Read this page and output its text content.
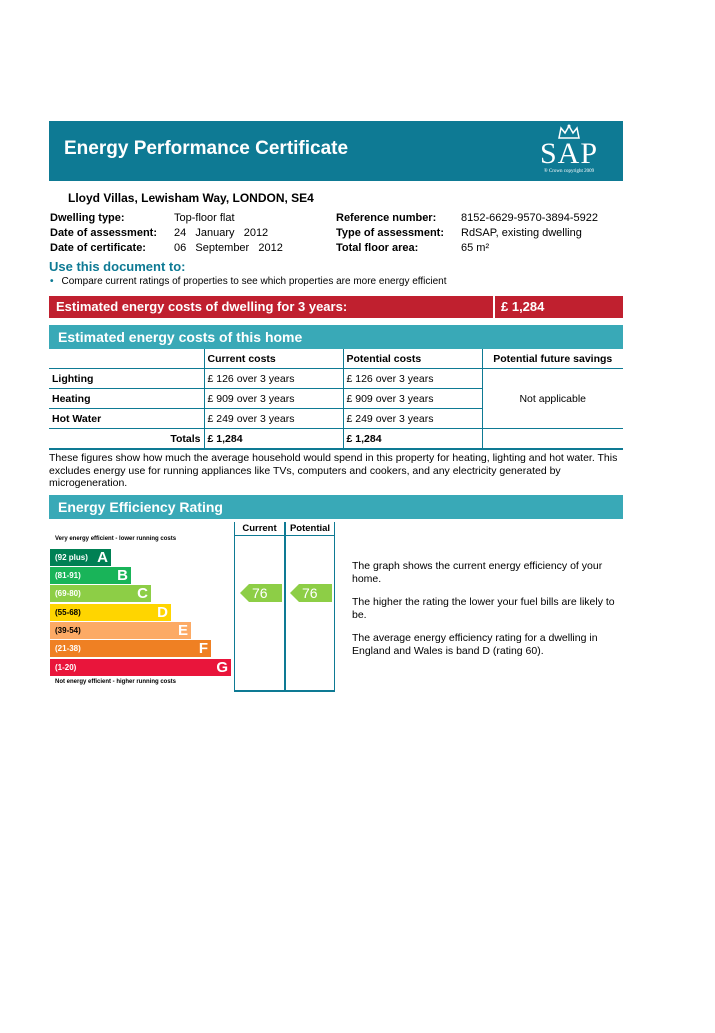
Energy Performance Certificate	SAP
® Crown copyright 2009
Lloyd Villas, Lewisham Way, LONDON, SE4
Dwelling type:	Top-floor flat
Date of assessment: 24   January   2012
Date of certificate:	06   September   2012
Reference number: 8152-6629-9570-3894-5922
Type of assessment: RdSAP, existing dwelling
Total floor area:	65 m²
Use this document to:
• Compare current ratings of properties to see which properties are more energy efficient
Estimated energy costs of dwelling for 3 years:	£ 1,284
Estimated energy costs of this home
	Current costs	Potential costs	Potential future savings
Lighting	£ 126 over 3 years	£ 126 over 3 years	Not applicable
Heating	£ 909 over 3 years	£ 909 over 3 years	
Hot Water	£ 249 over 3 years	£ 249 over 3 years	
Totals	£ 1,284	£ 1,284	
These figures show how much the average household would spend in this property for heating, lighting and hot water. This excludes energy use for running appliances like TVs, computers and cookers, and any electricity generated by microgeneration.
Energy Efficiency Rating
Current	Potential
Very energy efficient - lower running costs
Not energy efficient - higher running costs
(92 plus) A
(81-91) B
(69-80)	C
(55-68)	D
(39-54)	E
(21-38)	F
(1-20)	G
76 76
The graph shows the current energy efficiency of your home.
The higher the rating the lower your fuel bills are likely to be.
The average energy efficiency rating for a dwelling in England and Wales is band D (rating 60).
